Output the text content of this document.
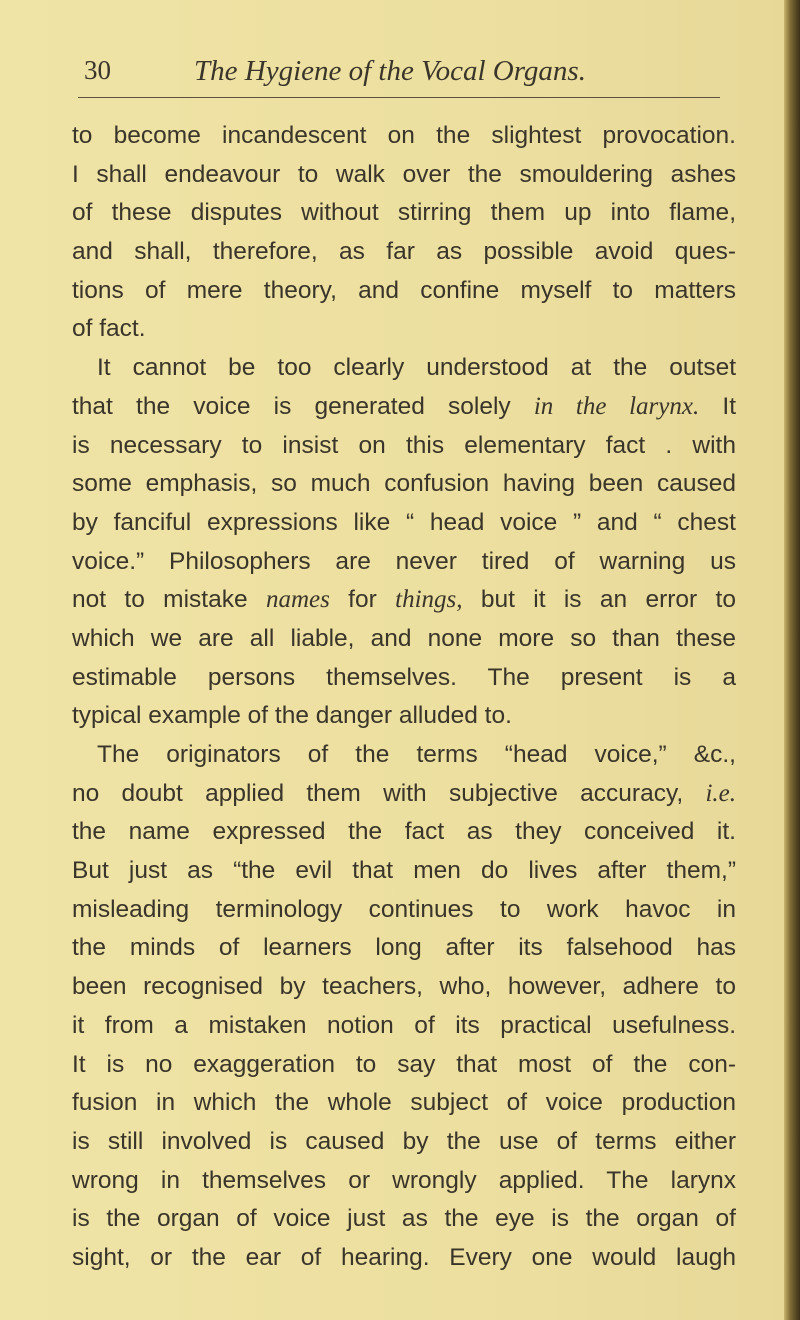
30	The Hygiene of the Vocal Organs.
to become incandescent on the slightest provocation.
I shall endeavour to walk over the smouldering ashes
of these disputes without stirring them up into flame,
and shall, therefore, as far as possible avoid ques-
tions of mere theory, and confine myself to matters
of fact.
It cannot be too clearly understood at the outset
that the voice is generated solely in the larynx. It
is necessary to insist on this elementary fact . with
some emphasis, so much confusion having been caused
by fanciful expressions like “ head voice ” and “ chest
voice.” Philosophers are never tired of warning us
not to mistake names for things, but it is an error to
which we are all liable, and none more so than these
estimable persons themselves. The present is a
typical example of the danger alluded to.
The originators of the terms “head voice,” &c.,
no doubt applied them with subjective accuracy, i.e.
the name expressed the fact as they conceived it.
But just as “the evil that men do lives after them,”
misleading terminology continues to work havoc in
the minds of learners long after its falsehood has
been recognised by teachers, who, however, adhere to
it from a mistaken notion of its practical usefulness.
It is no exaggeration to say that most of the con-
fusion in which the whole subject of voice production
is still involved is caused by the use of terms either
wrong in themselves or wrongly applied. The larynx
is the organ of voice just as the eye is the organ of
sight, or the ear of hearing. Every one would laugh
